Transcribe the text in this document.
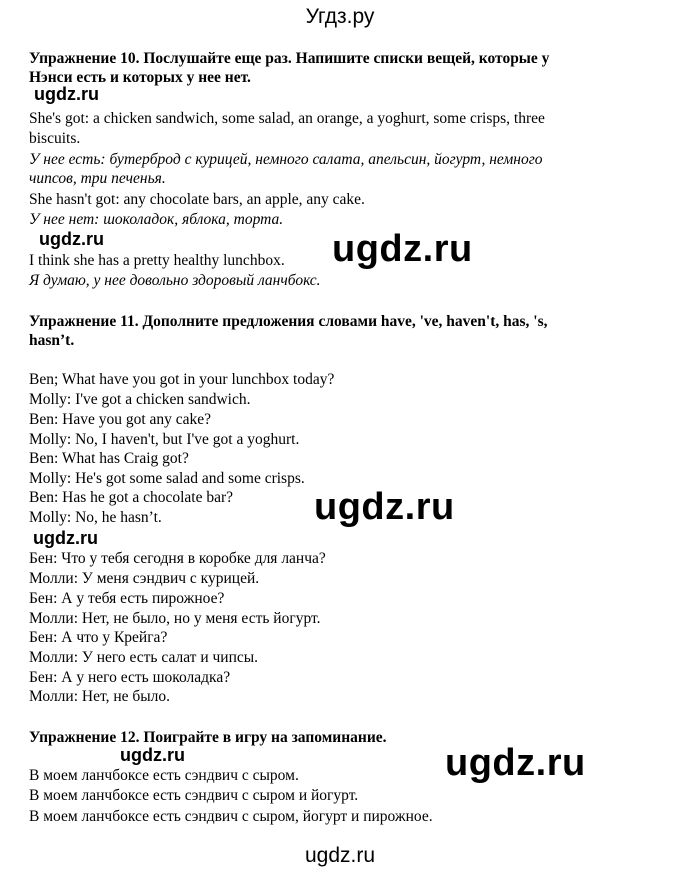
Угдз.ру
Упражнение 10. Послушайте еще раз. Напишите списки вещей, которые у
Нэнси есть и которых у нее нет.
ugdz.ru
She's got: a chicken sandwich, some salad, an orange, a yoghurt, some crisps, three
biscuits.
У нее есть: бутерброд с курицей, немного салата, апельсин, йогурт, немного
чипсов, три печенья.
She hasn't got: any chocolate bars, an apple, any cake.
У нее нет: шоколадок, яблока, торта.
ugdz.ru	ugdz.ru
I think she has a pretty healthy lunchbox.
Я думаю, у нее довольно здоровый ланчбокс.
Упражнение 11. Дополните предложения словами have, 've, haven't, has, 's,
hasn’t.
Ben; What have you got in your lunchbox today?
Molly: I've got a chicken sandwich.
Ben: Have you got any cake?
Molly: No, I haven't, but I've got a yoghurt.
Ben: What has Craig got?
Molly: He's got some salad and some crisps.
Ben: Has he got a chocolate bar?
Molly: No, he hasn’t.	ugdz.ru
ugdz.ru
Бен: Что у тебя сегодня в коробке для ланча?
Молли: У меня сэндвич с курицей.
Бен: А у тебя есть пирожное?
Молли: Нет, не было, но у меня есть йогурт.
Бен: А что у Крейга?
Молли: У него есть салат и чипсы.
Бен: А у него есть шоколадка?
Молли: Нет, не было.
Упражнение 12. Поиграйте в игру на запоминание.
ugdz.ru	ugdz.ru
В моем ланчбоксе есть сэндвич с сыром.
В моем ланчбоксе есть сэндвич с сыром и йогурт.
В моем ланчбоксе есть сэндвич с сыром, йогурт и пирожное.
ugdz.ru
